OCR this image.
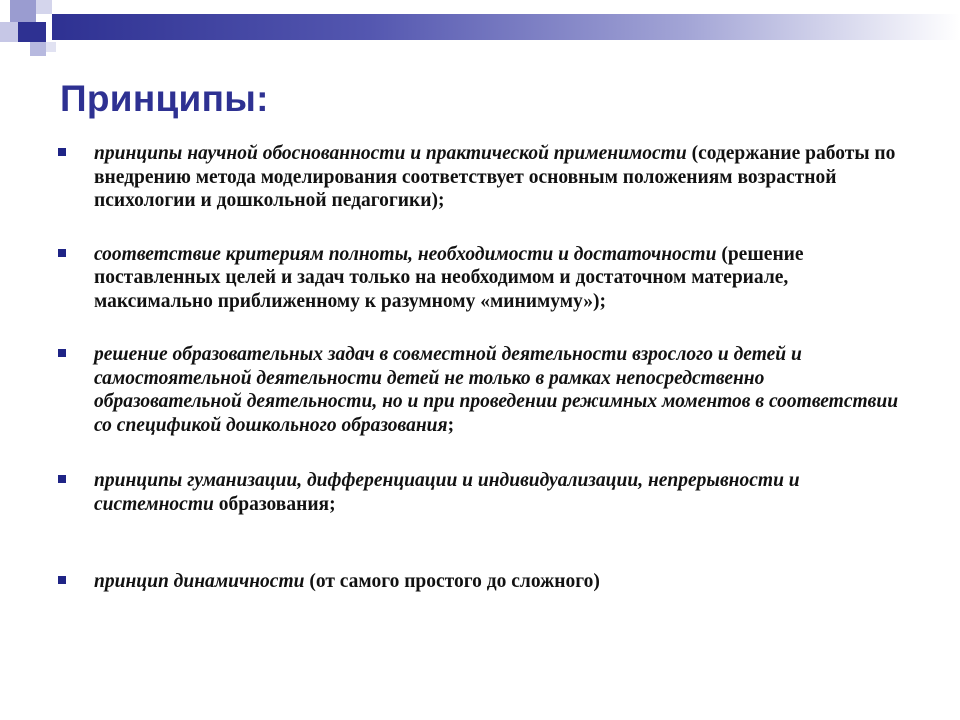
Принципы:
принципы научной обоснованности и практической применимости (содержание работы по внедрению метода моделирования соответствует основным положениям возрастной психологии и дошкольной педагогики);
соответствие критериям полноты, необходимости и достаточности (решение поставленных целей и задач только на необходимом и достаточном материале, максимально приближенному к разумному «минимуму»);
решение образовательных задач в совместной деятельности взрослого и детей и самостоятельной деятельности детей не только в рамках непосредственно образовательной деятельности, но и при проведении режимных моментов в соответствии со спецификой дошкольного образования;
принципы гуманизации, дифференциации и индивидуализации, непрерывности и системности образования;
принцип динамичности (от самого простого до сложного)
